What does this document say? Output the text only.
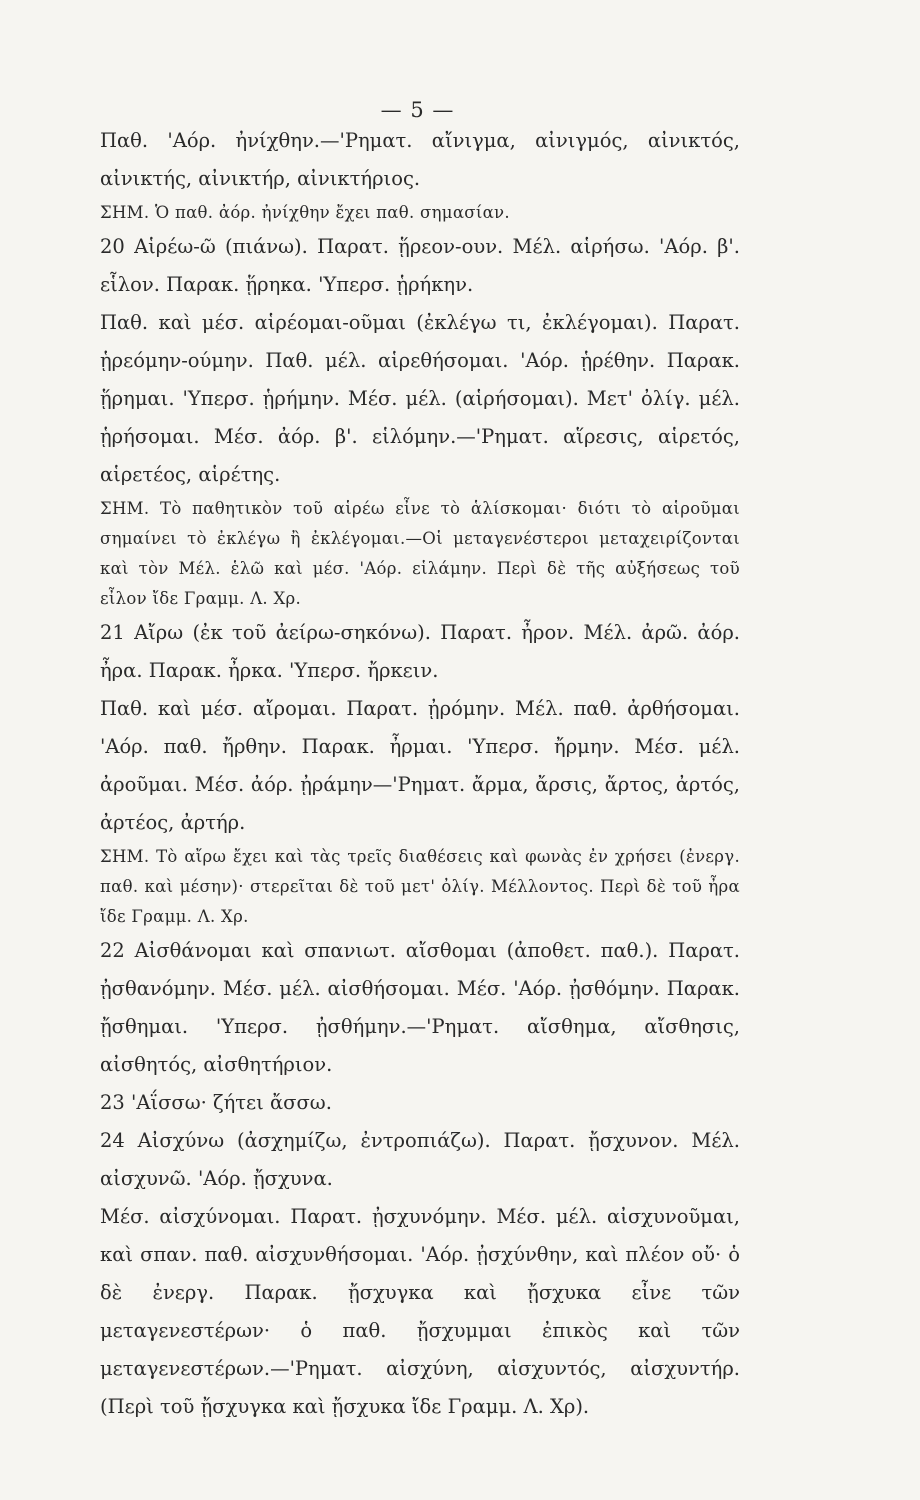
— 5 —

Παθ. 'Αόρ. ἠνίχθην.—'Ρηματ. αἴνιγμα, αἰνιγμός, αἰνικτός, αἰνικτής, αἰνικτήρ, αἰνικτήριος.

ΣΗΜ. Ὁ παθ. ἀόρ. ἠνίχθην ἔχει παθ. σημασίαν.

20 Αἱρέω-ῶ (πιάνω). Παρατ. ᾕρεον-ουν. Μέλ. αἱρήσω. 'Αόρ. β'. εἷλον. Παρακ. ᾕρηκα. 'Υπερσ. ᾑρήκην.

Παθ. καὶ μέσ. αἱρέομαι-οῦμαι (ἐκλέγω τι, ἐκλέγομαι). Παρατ. ᾑρεόμην-ούμην. Παθ. μέλ. αἱρεθήσομαι. 'Αόρ. ᾑρέθην. Παρακ. ᾕρημαι. 'Υπερσ. ᾑρήμην. Μέσ. μέλ. (αἱρήσομαι). Μετ' ὀλίγ. μέλ. ᾑρήσομαι. Μέσ. ἀόρ. β'. εἱλόμην.—'Ρηματ. αἵρεσις, αἱρετός, αἱρετέος, αἱρέτης.

ΣΗΜ. Τὸ παθητικὸν τοῦ αἱρέω εἶνε τὸ ἁλίσκομαι· διότι τὸ αἱροῦμαι σημαίνει τὸ ἐκλέγω ἢ ἐκλέγομαι.—Οἱ μεταγενέστεροι μεταχειρίζονται καὶ τὸν Μέλ. ἑλῶ καὶ μέσ. 'Αόρ. εἱλάμην. Περὶ δὲ τῆς αὐξήσεως τοῦ εἶλον ἴδε Γραμμ. Λ. Χρ.

21 Αἴρω (ἐκ τοῦ ἀείρω-σηκόνω). Παρατ. ἦρον. Μέλ. ἀρῶ. ἀόρ. ἦρα. Παρακ. ἦρκα. 'Υπερσ. ἤρκειν.

Παθ. καὶ μέσ. αἴρομαι. Παρατ. ᾐρόμην. Μέλ. παθ. ἀρθήσομαι. 'Αόρ. παθ. ἤρθην. Παρακ. ἦρμαι. 'Υπερσ. ἤρμην. Μέσ. μέλ. ἀροῦμαι. Μέσ. ἀόρ. ᾐράμην—'Ρηματ. ἄρμα, ἄρσις, ἄρτος, ἀρτός, ἀρτέος, ἀρτήρ.

ΣΗΜ. Τὸ αἴρω ἔχει καὶ τὰς τρεῖς διαθέσεις καὶ φωνὰς ἐν χρήσει (ἐνεργ. παθ. καὶ μέσην)· στερεῖται δὲ τοῦ μετ' ὀλίγ. Μέλλοντος. Περὶ δὲ τοῦ ἦρα ἴδε Γραμμ. Λ. Χρ.

22 Αἰσθάνομαι καὶ σπανιωτ. αἴσθομαι (ἀποθετ. παθ.). Παρατ. ᾐσθανόμην. Μέσ. μέλ. αἰσθήσομαι. Μέσ. 'Αόρ. ᾐσθόμην. Παρακ. ᾔσθημαι. 'Υπερσ. ᾐσθήμην.—'Ρηματ. αἴσθημα, αἴσθησις, αἰσθητός, αἰσθητήριον.

23 'Αΐσσω· ζήτει ἄσσω.

24 Αἰσχύνω (ἀσχημίζω, ἐντροπιάζω). Παρατ. ᾔσχυνον. Μέλ. αἰσχυνῶ. 'Αόρ. ᾔσχυνα.

Μέσ. αἰσχύνομαι. Παρατ. ᾐσχυνόμην. Μέσ. μέλ. αἰσχυνοῦμαι, καὶ σπαν. παθ. αἰσχυνθήσομαι. 'Αόρ. ᾐσχύνθην, καὶ πλέον οὔ· ὁ δὲ ἐνεργ. Παρακ. ᾔσχυγκα καὶ ᾔσχυκα εἶνε τῶν μεταγενεστέρων· ὁ παθ. ᾔσχυμμαι ἐπικὸς καὶ τῶν μεταγενεστέρων.—'Ρηματ. αἰσχύνη, αἰσχυντός, αἰσχυντήρ. (Περὶ τοῦ ᾔσχυγκα καὶ ᾔσχυκα ἴδε Γραμμ. Λ. Χρ).
